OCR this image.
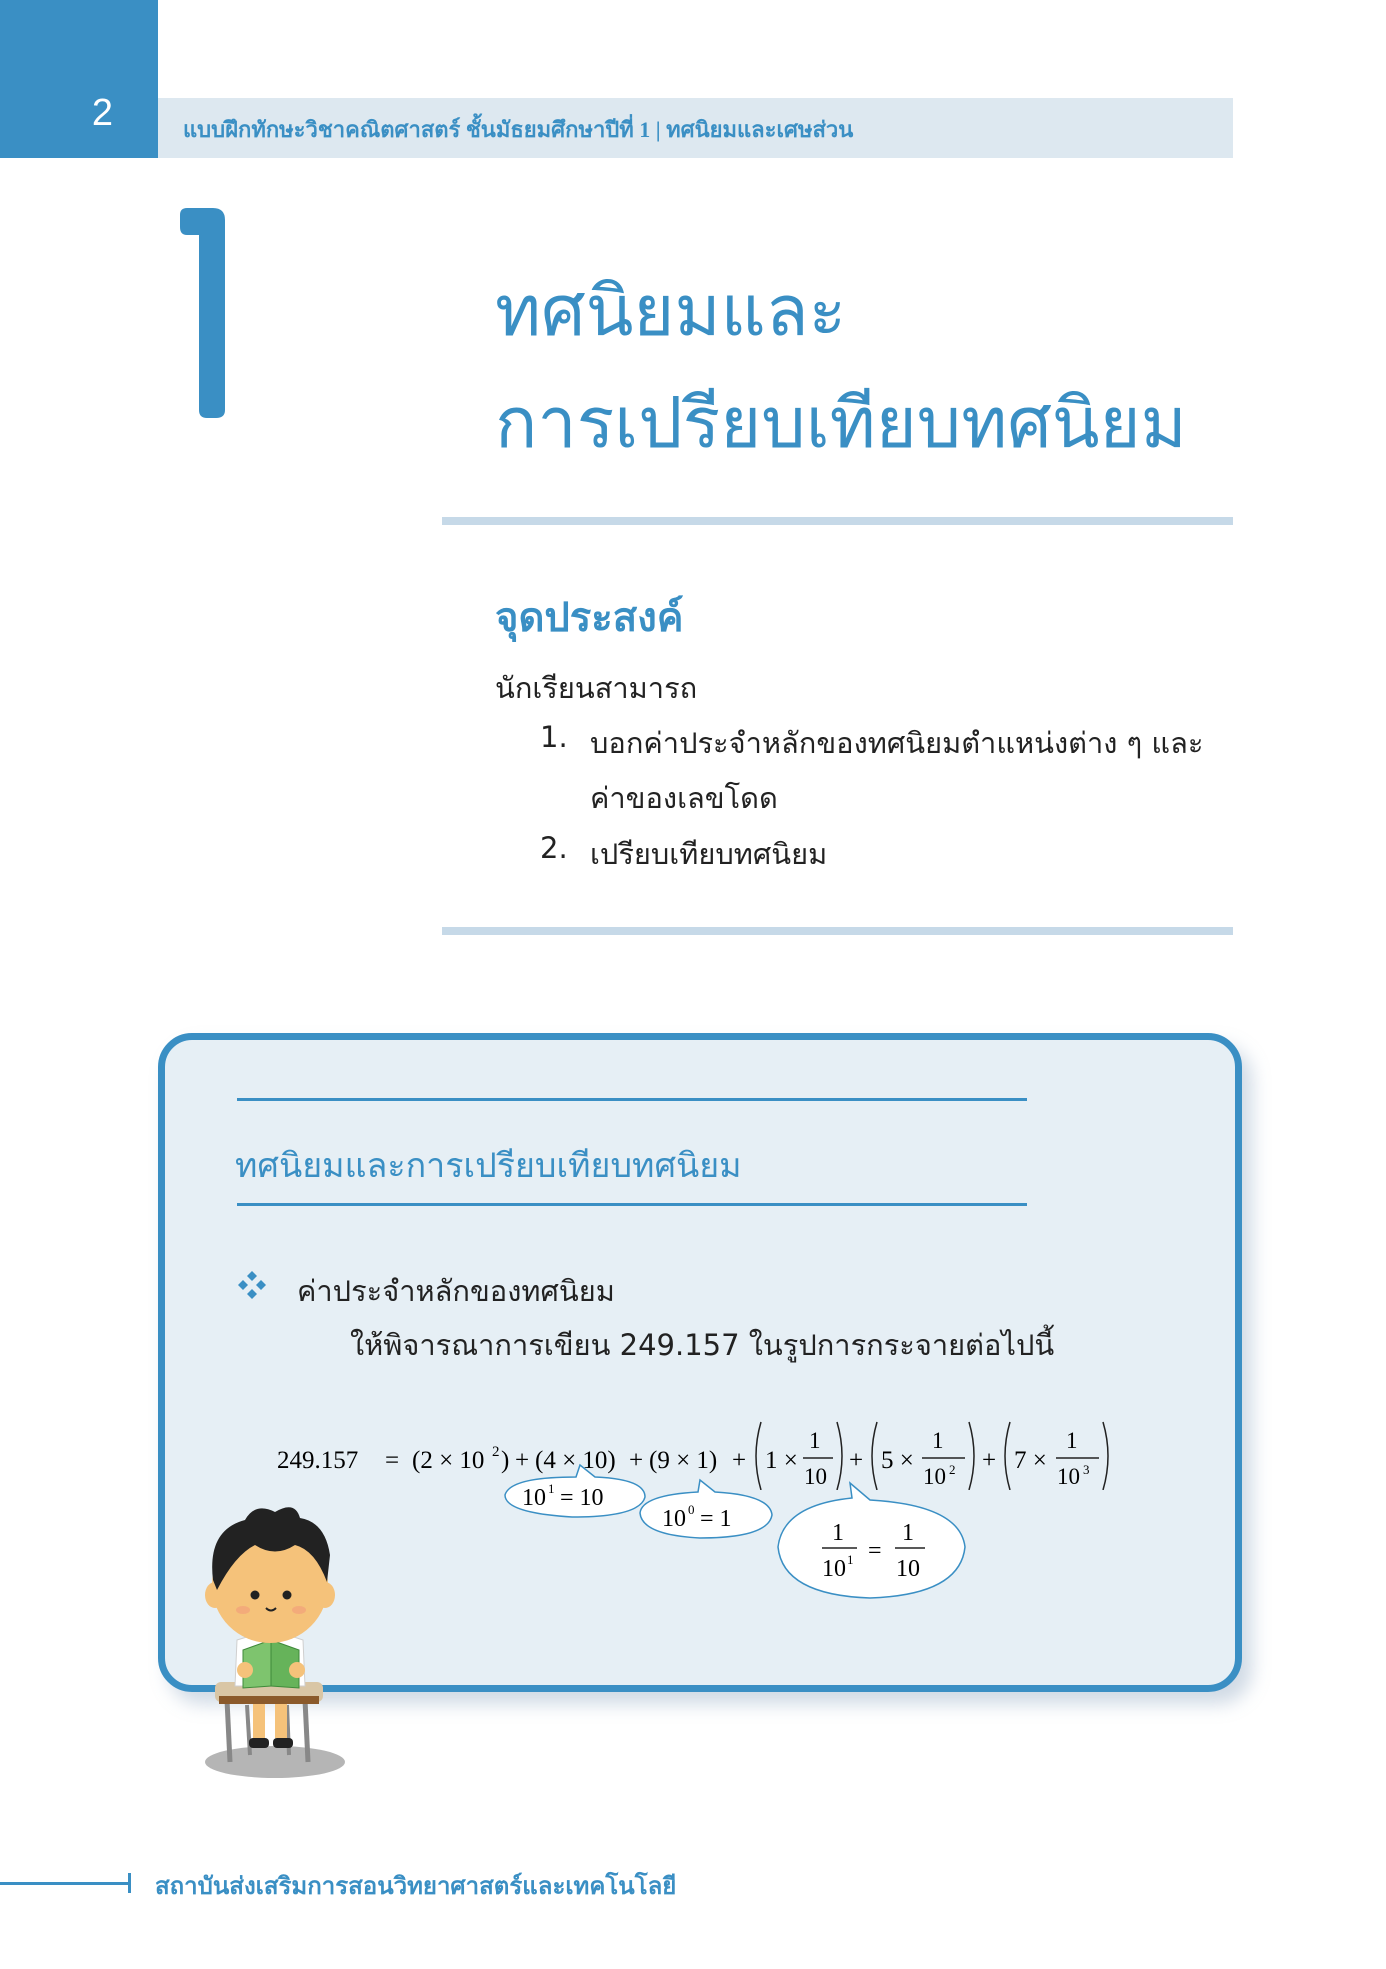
2	แบบฝึกทักษะวิชาคณิตศาสตร์ ชั้นมัธยมศึกษาปีที่ 1 | ทศนิยมและเศษส่วน
ทศนิยมและ
การเปรียบเทียบทศนิยม
จุดประสงค์
นักเรียนสามารถ
1. บอกค่าประจำหลักของทศนิยมตำแหน่งต่าง ๆ และ
ค่าของเลขโดด
2. เปรียบเทียบทศนิยม
ทศนิยมและการเปรียบเทียบทศนิยม
ค่าประจำหลักของทศนิยม
ให้พิจารณาการเขียน 249.157 ในรูปการกระจายต่อไปนี้
249.157 = (2 × 10 2 ) + (4 × 10) + (9 × 1) + 1 ×
1
10
+ 5 ×
1
10 2 + 7 ×
1
10 3
10 1 = 10
10 0 = 1
1
10 1 =
1
10
สถาบันส่งเสริมการสอนวิทยาศาสตร์และเทคโนโลยี
